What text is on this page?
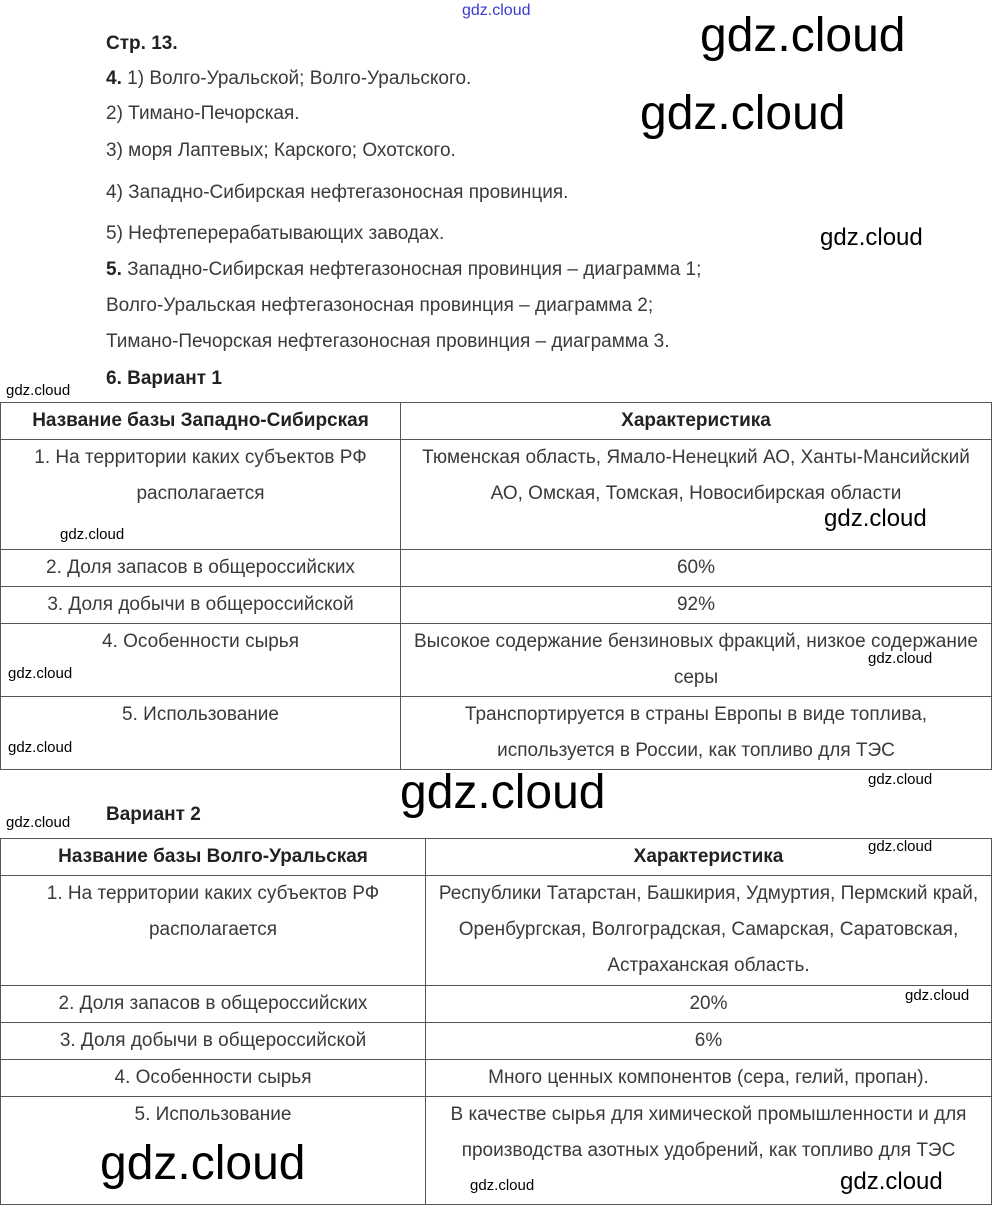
Стр. 13.
4. 1) Волго-Уральской; Волго-Уральского.
2) Тимано-Печорская.
3) моря Лаптевых; Карского; Охотского.
4) Западно-Сибирская нефтегазоносная провинция.
5) Нефтеперерабатывающих заводах.
5. Западно-Сибирская нефтегазоносная провинция – диаграмма 1;
Волго-Уральская нефтегазоносная провинция – диаграмма 2;
Тимано-Печорская нефтегазоносная провинция – диаграмма 3.
6. Вариант 1
Название базы Западно-Сибирская	Характеристика
1. На территории каких субъектов РФ располагается	Тюменская область, Ямало-Ненецкий АО, Ханты-Мансийский АО, Омская, Томская, Новосибирская области
2. Доля запасов в общероссийских	60%
3. Доля добычи в общероссийской	92%
4. Особенности сырья	Высокое содержание бензиновых фракций, низкое содержание серы
5. Использование	Транспортируется в страны Европы в виде топлива, используется в России, как топливо для ТЭС
Вариант 2
Название базы Волго-Уральская	Характеристика
1. На территории каких субъектов РФ располагается	Республики Татарстан, Башкирия, Удмуртия, Пермский край, Оренбургская, Волгоградская, Самарская, Саратовская, Астраханская область.
2. Доля запасов в общероссийских	20%
3. Доля добычи в общероссийской	6%
4. Особенности сырья	Много ценных компонентов (сера, гелий, пропан).
5. Использование	В качестве сырья для химической промышленности и для производства азотных удобрений, как топливо для ТЭС
gdz.cloud	gdz.cloud
gdz.cloud
gdz.cloud
gdz.cloud
gdz.cloud
gdz.cloud
gdz.cloud
gdz.cloud
gdz.cloud
gdz.cloud
gdz.cloud
gdz.cloud
gdz.cloud
gdz.cloud
gdz.cloud	gdz.cloud
gdz.cloud
